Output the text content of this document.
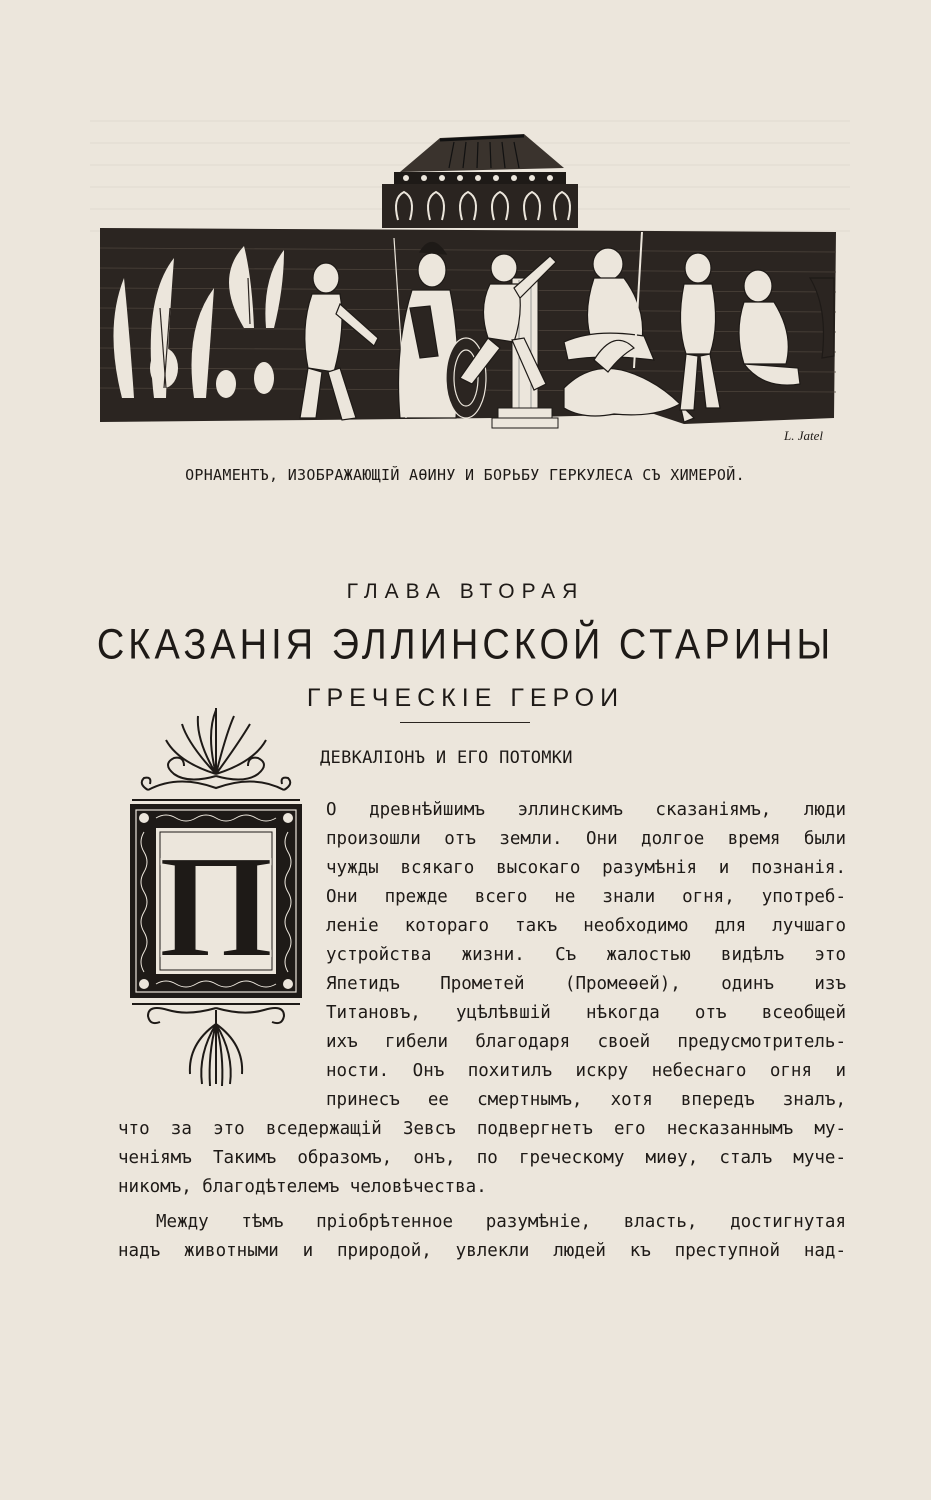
L. Jatel
ОРНАМЕНТЪ, ИЗОБРАЖАЮЩІЙ АѲИНУ И БОРЬБУ ГЕРКУЛЕСА СЪ ХИМЕРОЙ.
ГЛАВА ВТОРАЯ
СКАЗАНІЯ ЭЛЛИНСКОЙ СТАРИНЫ
ГРЕЧЕСКІЕ ГЕРОИ
ДЕВКАЛІОНЪ И ЕГО ПОТОМКИ
П
О древнѣйшимъ эллинскимъ сказаніямъ, люди
произошли отъ земли. Они долгое время были
чужды всякаго высокаго разумѣнія и познанія.
Они прежде всего не знали огня, употреб-
леніе котораго такъ необходимо для лучшаго
устройства жизни. Съ жалостью видѣлъ это
Япетидъ Прометей (Промеѳей), одинъ изъ
Титановъ, уцѣлѣвшій нѣкогда отъ всеобщей
ихъ гибели благодаря своей предусмотритель-
ности. Онъ похитилъ искру небеснаго огня и
принесъ ее смертнымъ, хотя впередъ зналъ,
что за это вседержащій Зевсъ подвергнетъ его несказаннымъ му-
ченіямъ Такимъ образомъ, онъ, по греческому миѳу, сталъ муче-
никомъ, благодѣтелемъ человѣчества.
Между тѣмъ пріобрѣтенное разумѣніе, власть, достигнутая
надъ животными и природой, увлекли людей къ преступной над-
